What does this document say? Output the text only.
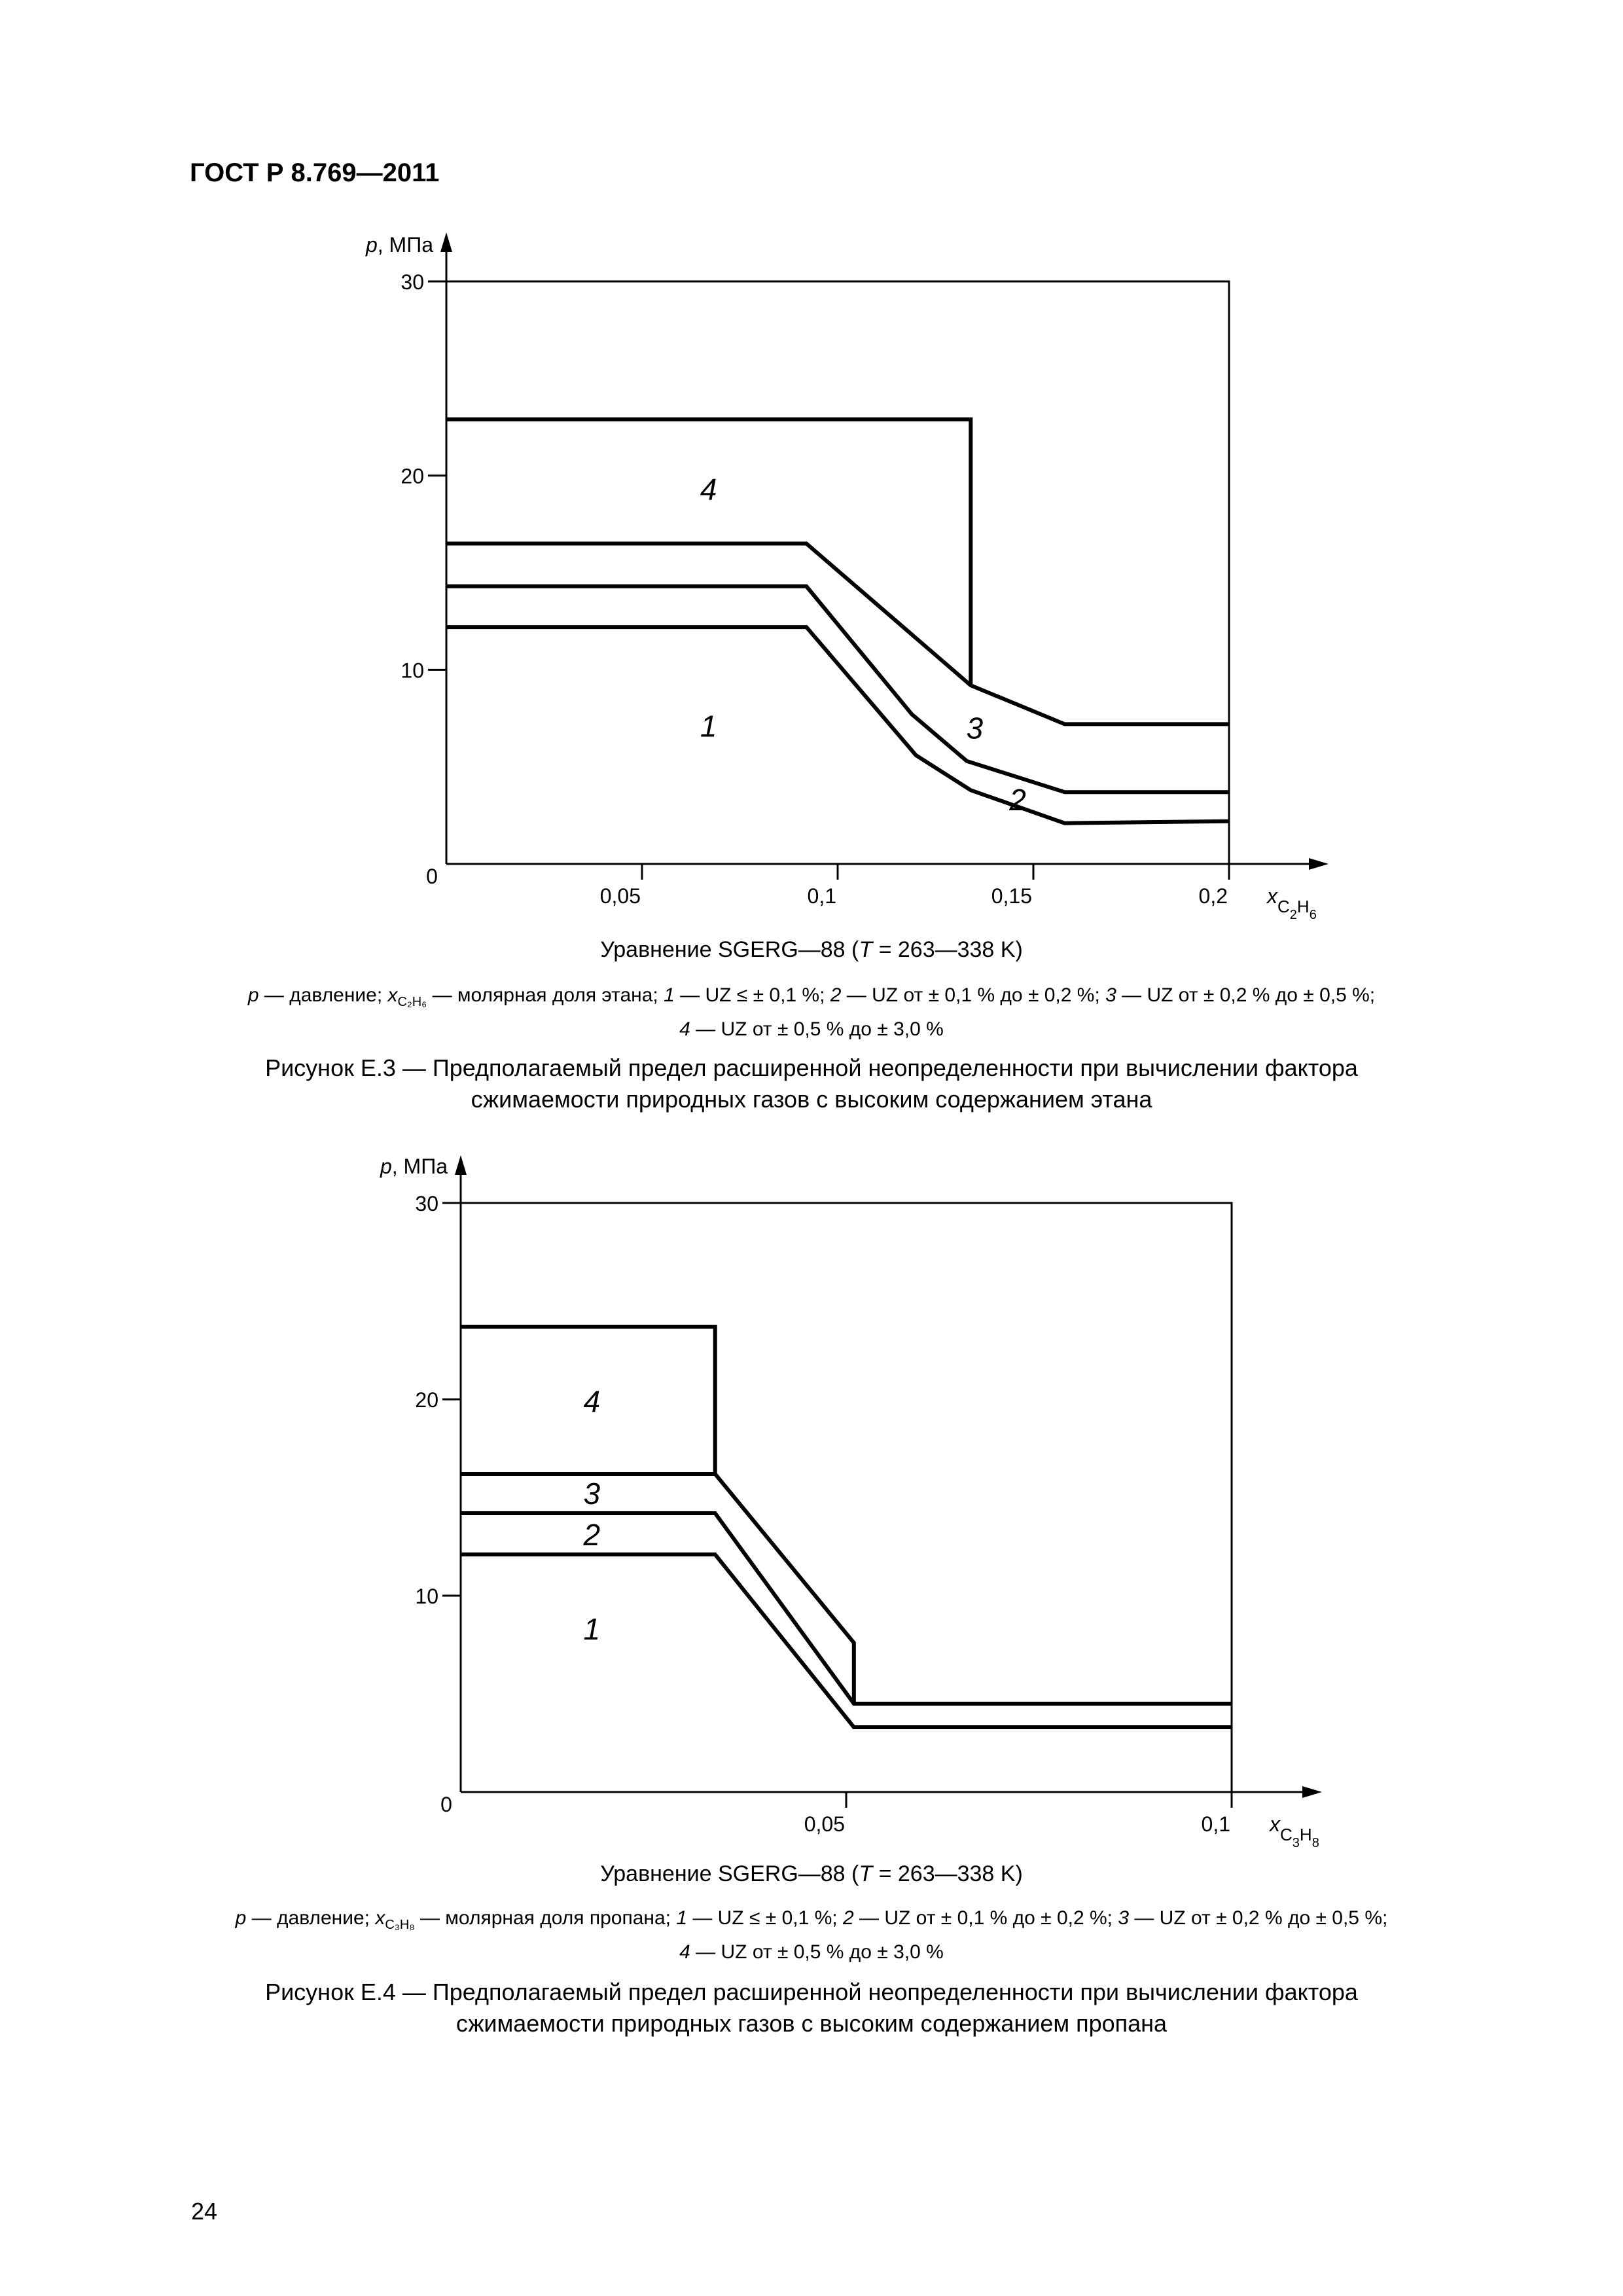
ГОСТ Р 8.769—2011
10
20
30
0,05	0,1	0,15	0,2
0
p, МПа
$x_{C2}^H_6$
1
2
3
4
Уравнение SGERG—88 (T = 263—338 K)
p — давление; $x_{C_2H_6}$ — молярная доля этана; 1 — UZ ≤ ± 0,1 %; 2 — UZ от ± 0,1 % до ± 0,2 %; 3 — UZ от ± 0,2 % до ± 0,5 %;
4 — UZ от ± 0,5 % до ± 3,0 %
Рисунок Е.3 — Предполагаемый предел расширенной неопределенности при вычислении фактора
сжимаемости природных газов с высоким содержанием этана
10
20
30
0,05	0,1
0
p, МПа
$x_{C3}^H_8$
1
2
3
4
Уравнение SGERG—88 (T = 263—338 K)
p — давление; $x_{C_3H_8}$ — молярная доля пропана; 1 — UZ ≤ ± 0,1 %; 2 — UZ от ± 0,1 % до ± 0,2 %; 3 — UZ от ± 0,2 % до ± 0,5 %;
4 — UZ от ± 0,5 % до ± 3,0 %
Рисунок Е.4 — Предполагаемый предел расширенной неопределенности при вычислении фактора
сжимаемости природных газов с высоким содержанием пропана
24
